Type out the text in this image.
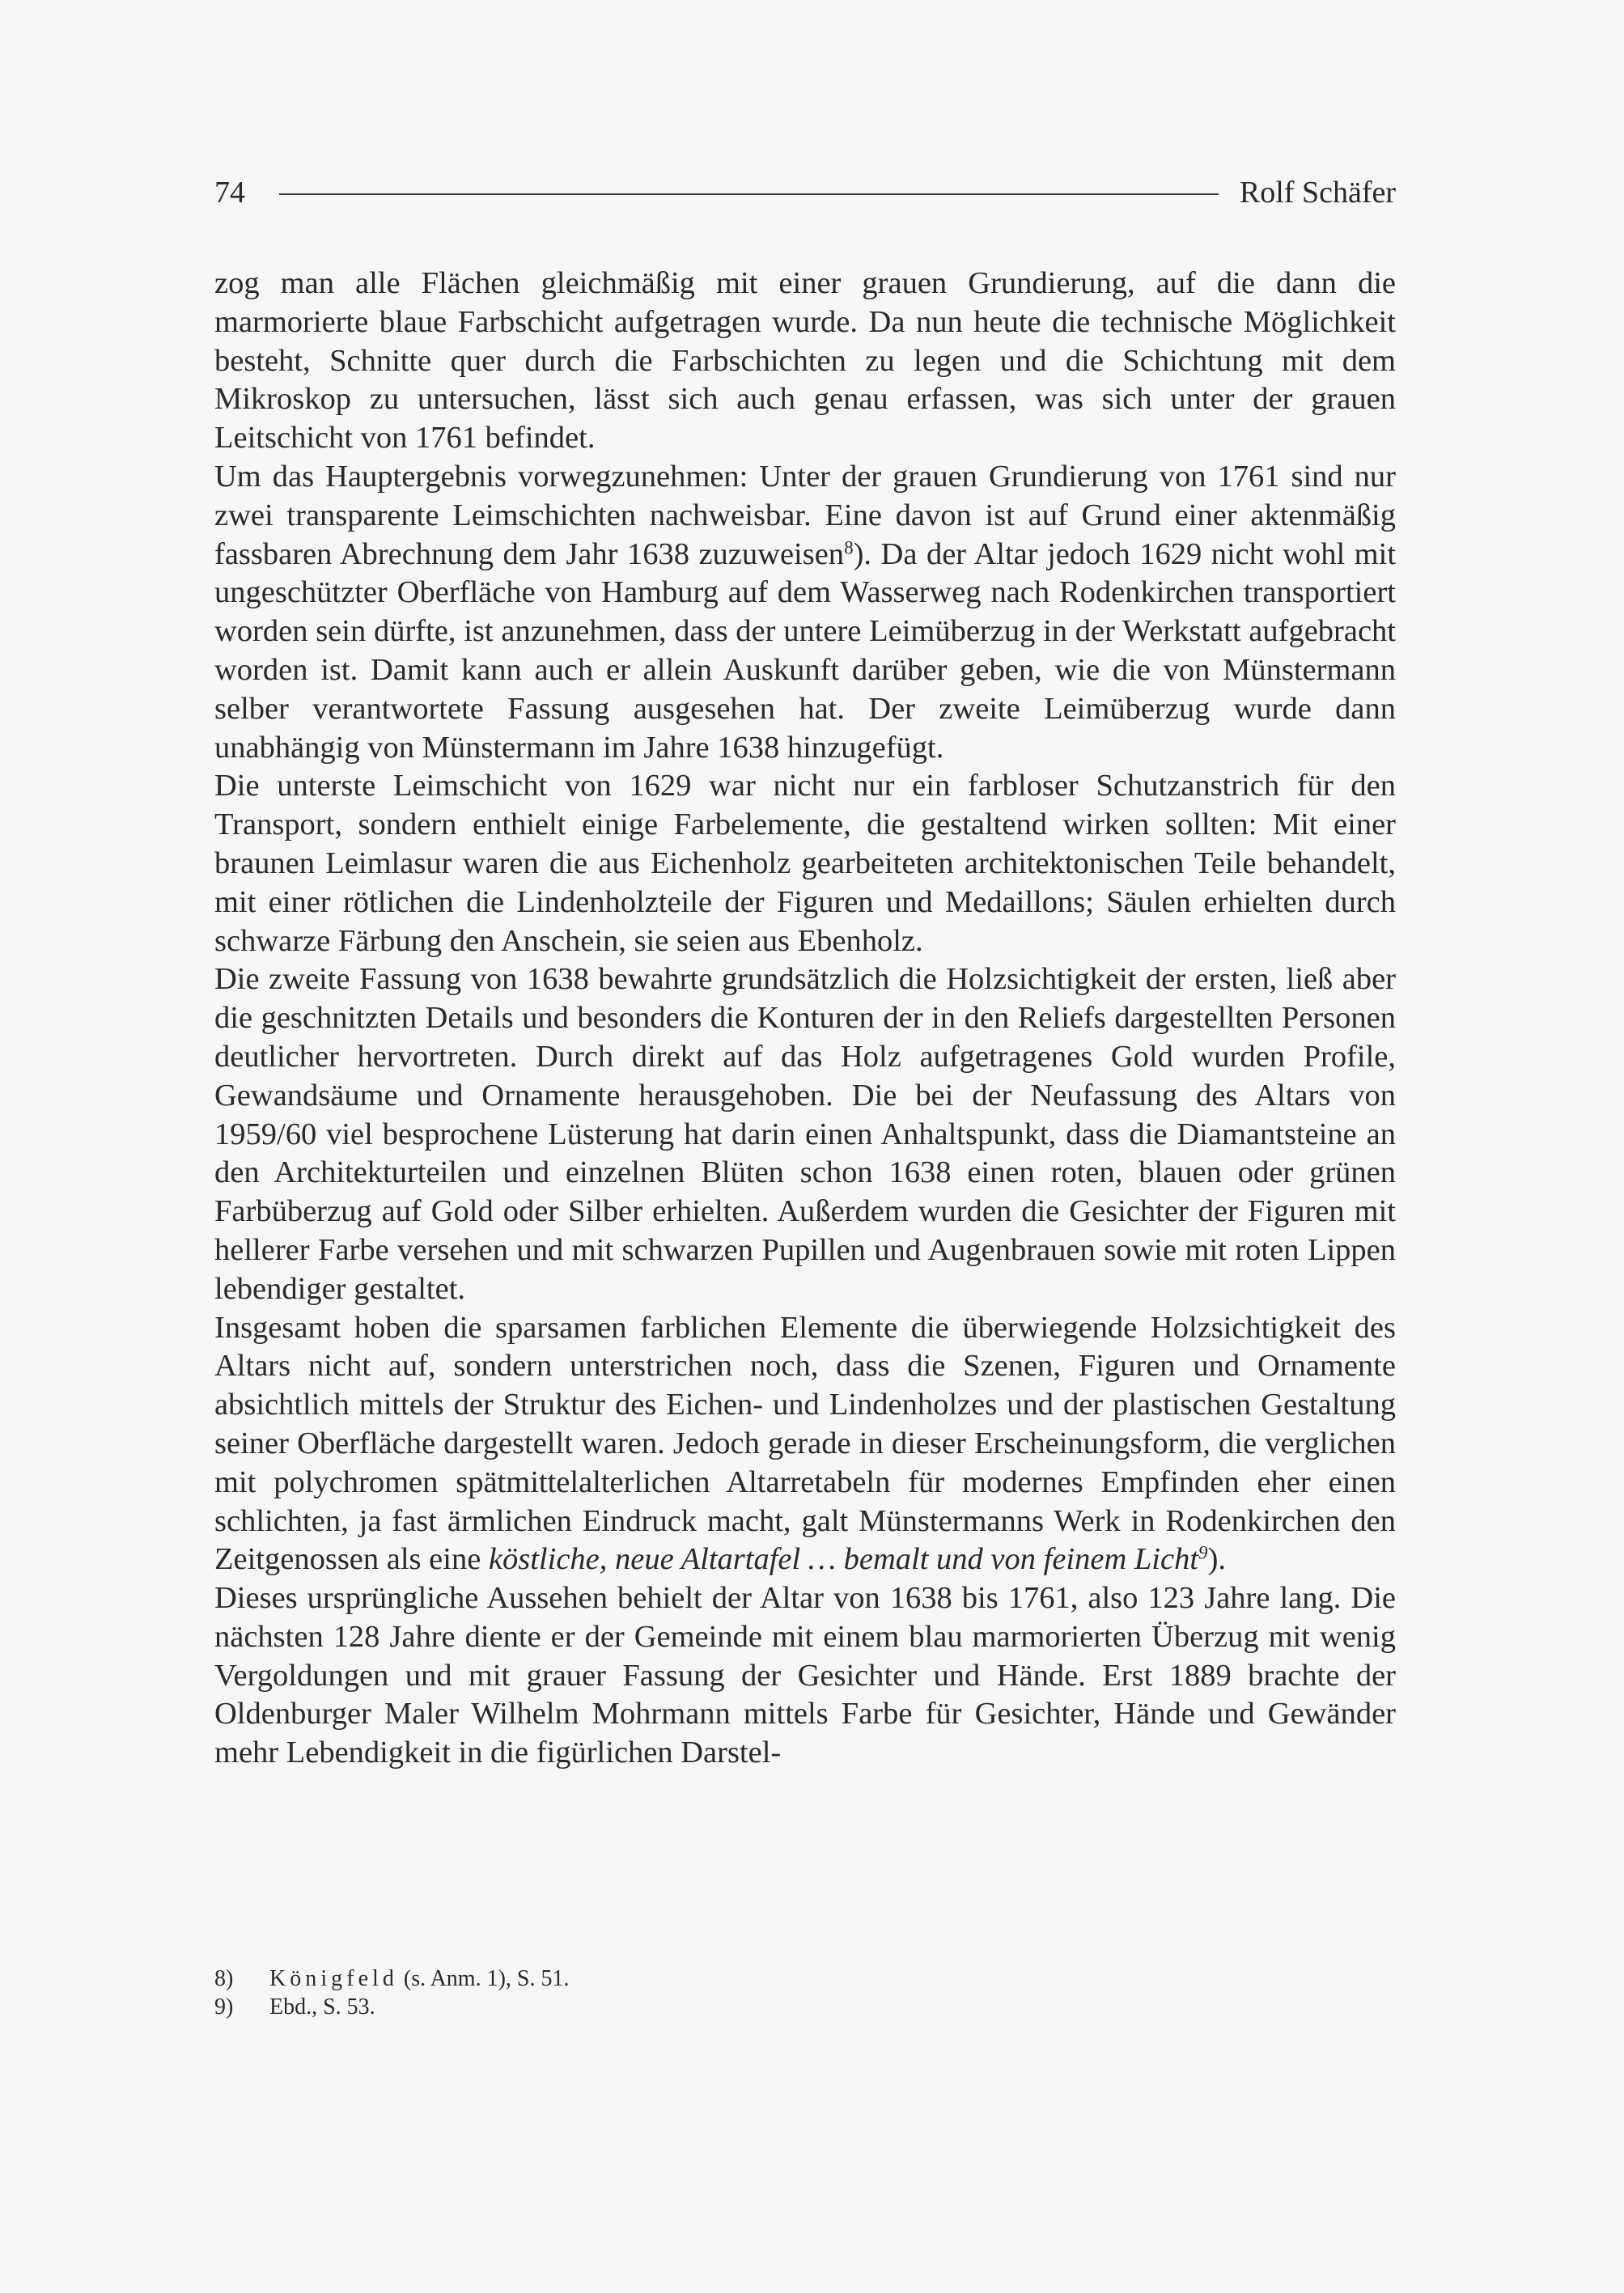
74	Rolf Schäfer

zog man alle Flächen gleichmäßig mit einer grauen Grundierung, auf die dann die marmorierte blaue Farbschicht aufgetragen wurde. Da nun heute die technische Möglichkeit besteht, Schnitte quer durch die Farbschichten zu legen und die Schichtung mit dem Mikroskop zu untersuchen, lässt sich auch genau erfassen, was sich unter der grauen Leitschicht von 1761 befindet.

Um das Hauptergebnis vorwegzunehmen: Unter der grauen Grundierung von 1761 sind nur zwei transparente Leimschichten nachweisbar. Eine davon ist auf Grund einer aktenmäßig fassbaren Abrechnung dem Jahr 1638 zuzuweisen$^8$). Da der Altar jedoch 1629 nicht wohl mit ungeschützter Oberfläche von Hamburg auf dem Wasserweg nach Rodenkirchen transportiert worden sein dürfte, ist anzunehmen, dass der untere Leimüberzug in der Werkstatt aufgebracht worden ist. Damit kann auch er allein Auskunft darüber geben, wie die von Münstermann selber verantwortete Fassung ausgesehen hat. Der zweite Leimüberzug wurde dann unabhängig von Münstermann im Jahre 1638 hinzugefügt.

Die unterste Leimschicht von 1629 war nicht nur ein farbloser Schutzanstrich für den Transport, sondern enthielt einige Farbelemente, die gestaltend wirken sollten: Mit einer braunen Leimlasur waren die aus Eichenholz gearbeiteten architektonischen Teile behandelt, mit einer rötlichen die Lindenholzteile der Figuren und Medaillons; Säulen erhielten durch schwarze Färbung den Anschein, sie seien aus Ebenholz.

Die zweite Fassung von 1638 bewahrte grundsätzlich die Holzsichtigkeit der ersten, ließ aber die geschnitzten Details und besonders die Konturen der in den Reliefs dargestellten Personen deutlicher hervortreten. Durch direkt auf das Holz aufgetragenes Gold wurden Profile, Gewandsäume und Ornamente herausgehoben. Die bei der Neufassung des Altars von 1959/60 viel besprochene Lüsterung hat darin einen Anhaltspunkt, dass die Diamantsteine an den Architekturteilen und einzelnen Blüten schon 1638 einen roten, blauen oder grünen Farbüberzug auf Gold oder Silber erhielten. Außerdem wurden die Gesichter der Figuren mit hellerer Farbe versehen und mit schwarzen Pupillen und Augenbrauen sowie mit roten Lippen lebendiger gestaltet.

Insgesamt hoben die sparsamen farblichen Elemente die überwiegende Holzsichtigkeit des Altars nicht auf, sondern unterstrichen noch, dass die Szenen, Figuren und Ornamente absichtlich mittels der Struktur des Eichen- und Lindenholzes und der plastischen Gestaltung seiner Oberfläche dargestellt waren. Jedoch gerade in dieser Erscheinungsform, die verglichen mit polychromen spätmittelalterlichen Altarretabeln für modernes Empfinden eher einen schlichten, ja fast ärmlichen Eindruck macht, galt Münstermanns Werk in Rodenkirchen den Zeitgenossen als eine köstliche, neue Altartafel … bemalt und von feinem Licht$^9$).

Dieses ursprüngliche Aussehen behielt der Altar von 1638 bis 1761, also 123 Jahre lang. Die nächsten 128 Jahre diente er der Gemeinde mit einem blau marmorierten Überzug mit wenig Vergoldungen und mit grauer Fassung der Gesichter und Hände. Erst 1889 brachte der Oldenburger Maler Wilhelm Mohrmann mittels Farbe für Gesichter, Hände und Gewänder mehr Lebendigkeit in die figürlichen Darstel-

8)	Königfeld (s. Anm. 1), S. 51.
9)	Ebd., S. 53.
